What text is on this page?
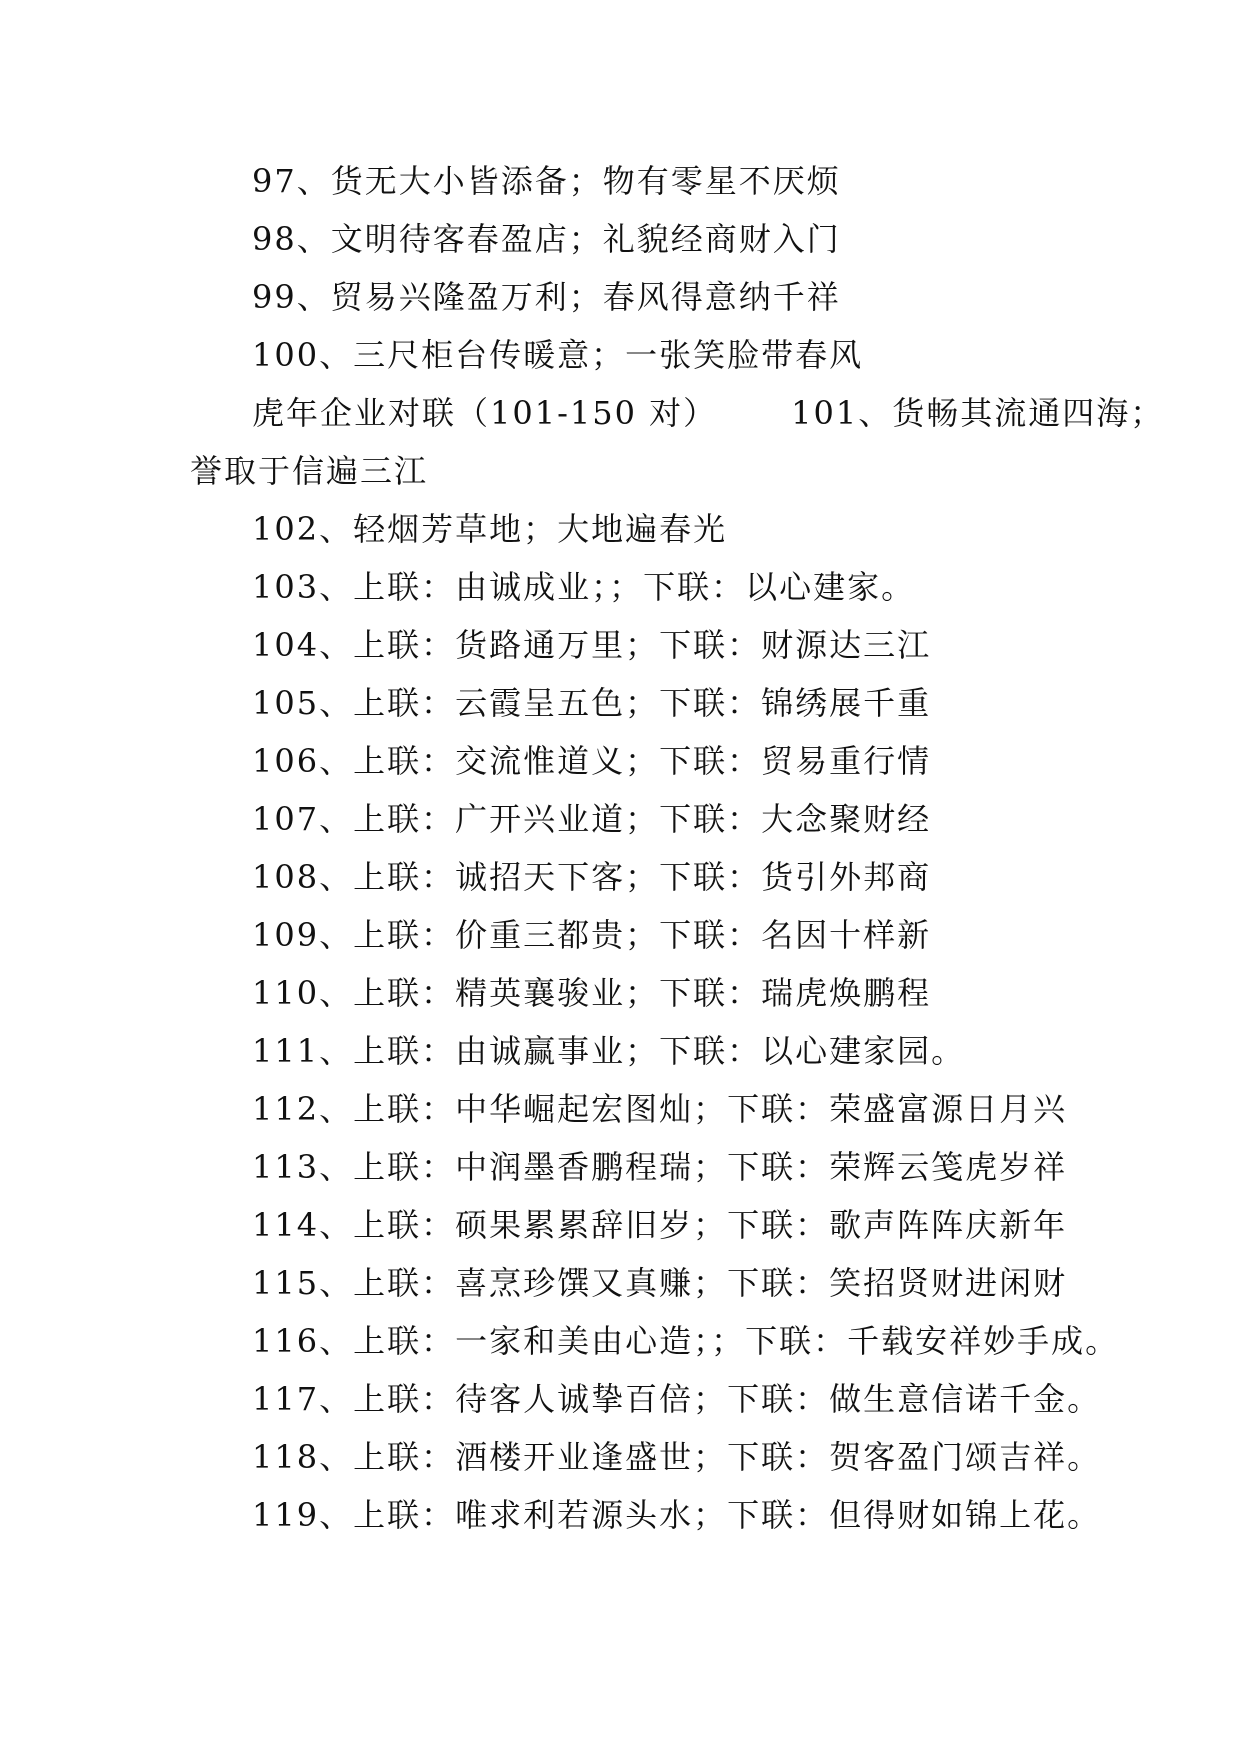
97、货无大小皆添备；物有零星不厌烦
98、文明待客春盈店；礼貌经商财入门
99、贸易兴隆盈万利；春风得意纳千祥
100、三尺柜台传暖意；一张笑脸带春风
虎年企业对联（101-150 对） 101、货畅其流通四海；
誉取于信遍三江
102、轻烟芳草地；大地遍春光
103、上联：由诚成业；；下联：以心建家。
104、上联：货路通万里；下联：财源达三江
105、上联：云霞呈五色；下联：锦绣展千重
106、上联：交流惟道义；下联：贸易重行情
107、上联：广开兴业道；下联：大念聚财经
108、上联：诚招天下客；下联：货引外邦商
109、上联：价重三都贵；下联：名因十样新
110、上联：精英襄骏业；下联：瑞虎焕鹏程
111、上联：由诚赢事业；下联：以心建家园。
112、上联：中华崛起宏图灿；下联：荣盛富源日月兴
113、上联：中润墨香鹏程瑞；下联：荣辉云笺虎岁祥
114、上联：硕果累累辞旧岁；下联：歌声阵阵庆新年
115、上联：喜烹珍馔又真赚；下联：笑招贤财进闲财
116、上联：一家和美由心造；；下联：千载安祥妙手成。
117、上联：待客人诚挚百倍；下联：做生意信诺千金。
118、上联：酒楼开业逢盛世；下联：贺客盈门颂吉祥。
119、上联：唯求利若源头水；下联：但得财如锦上花。
